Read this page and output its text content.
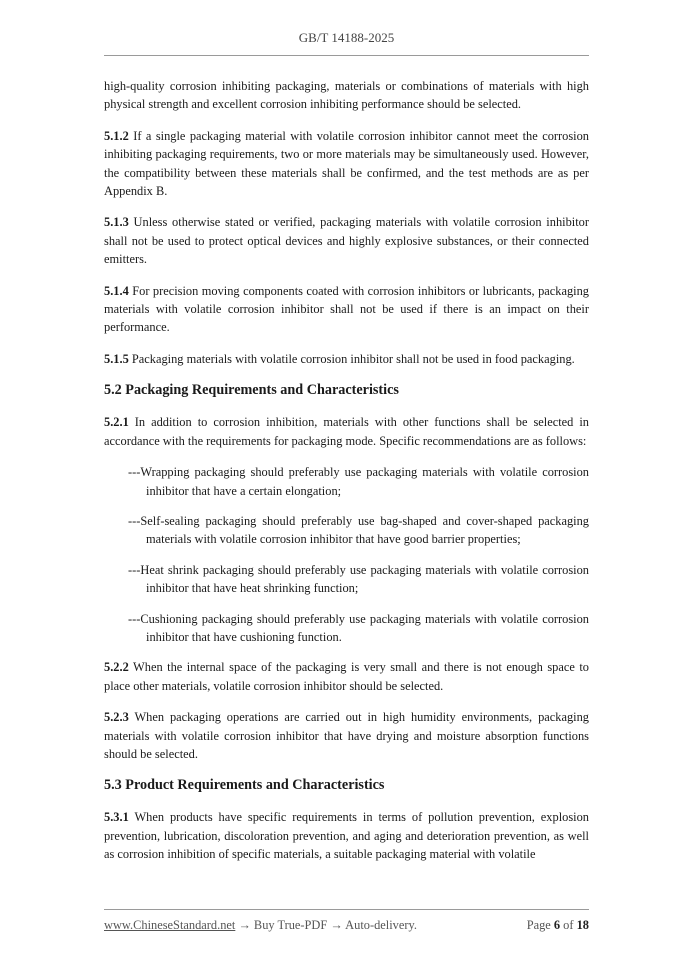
GB/T 14188-2025

high-quality corrosion inhibiting packaging, materials or combinations of materials with high physical strength and excellent corrosion inhibiting performance should be selected.

5.1.2 If a single packaging material with volatile corrosion inhibitor cannot meet the corrosion inhibiting packaging requirements, two or more materials may be simultaneously used. However, the compatibility between these materials shall be confirmed, and the test methods are as per Appendix B.

5.1.3 Unless otherwise stated or verified, packaging materials with volatile corrosion inhibitor shall not be used to protect optical devices and highly explosive substances, or their connected emitters.

5.1.4 For precision moving components coated with corrosion inhibitors or lubricants, packaging materials with volatile corrosion inhibitor shall not be used if there is an impact on their performance.

5.1.5 Packaging materials with volatile corrosion inhibitor shall not be used in food packaging.

5.2 Packaging Requirements and Characteristics

5.2.1 In addition to corrosion inhibition, materials with other functions shall be selected in accordance with the requirements for packaging mode. Specific recommendations are as follows:

---Wrapping packaging should preferably use packaging materials with volatile corrosion inhibitor that have a certain elongation;

---Self-sealing packaging should preferably use bag-shaped and cover-shaped packaging materials with volatile corrosion inhibitor that have good barrier properties;

---Heat shrink packaging should preferably use packaging materials with volatile corrosion inhibitor that have heat shrinking function;

---Cushioning packaging should preferably use packaging materials with volatile corrosion inhibitor that have cushioning function.

5.2.2 When the internal space of the packaging is very small and there is not enough space to place other materials, volatile corrosion inhibitor should be selected.

5.2.3 When packaging operations are carried out in high humidity environments, packaging materials with volatile corrosion inhibitor that have drying and moisture absorption functions should be selected.

5.3 Product Requirements and Characteristics

5.3.1 When products have specific requirements in terms of pollution prevention, explosion prevention, lubrication, discoloration prevention, and aging and deterioration prevention, as well as corrosion inhibition of specific materials, a suitable packaging material with volatile

www.ChineseStandard.net → Buy True-PDF → Auto-delivery.	Page 6 of 18
